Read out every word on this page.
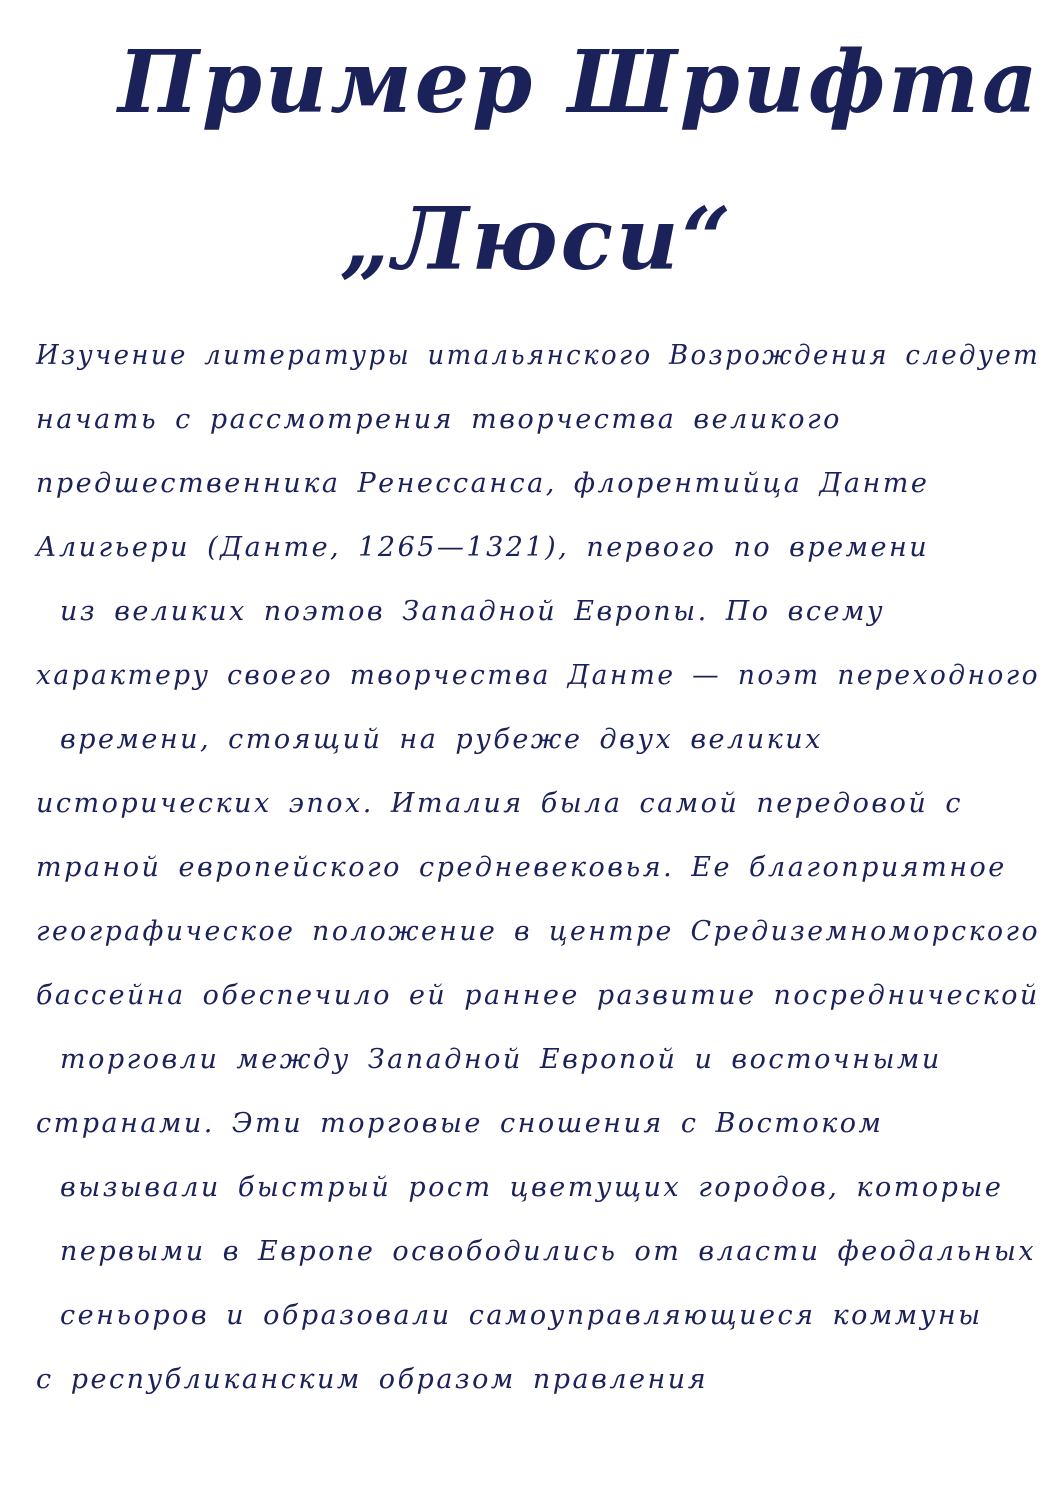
Пример Шрифта
„Люси“
Изучение литературы итальянского Возрождения следует
начать с рассмотрения творчества великого
предшественника Ренессанса, флорентийца Данте
Алигьери (Данте, 1265—1321), первого по времени
из великих поэтов Западной Европы. По всему
характеру своего творчества Данте — поэт переходного
времени, стоящий на рубеже двух великих
исторических эпох. Италия была самой передовой с
траной европейского средневековья. Ее благоприятное
географическое положение в центре Средиземноморского
бассейна обеспечило ей раннее развитие посреднической
торговли между Западной Европой и восточными
странами. Эти торговые сношения с Востоком
вызывали быстрый рост цветущих городов, которые
первыми в Европе освободились от власти феодальных
сеньоров и образовали самоуправляющиеся коммуны
с республиканским образом правления
